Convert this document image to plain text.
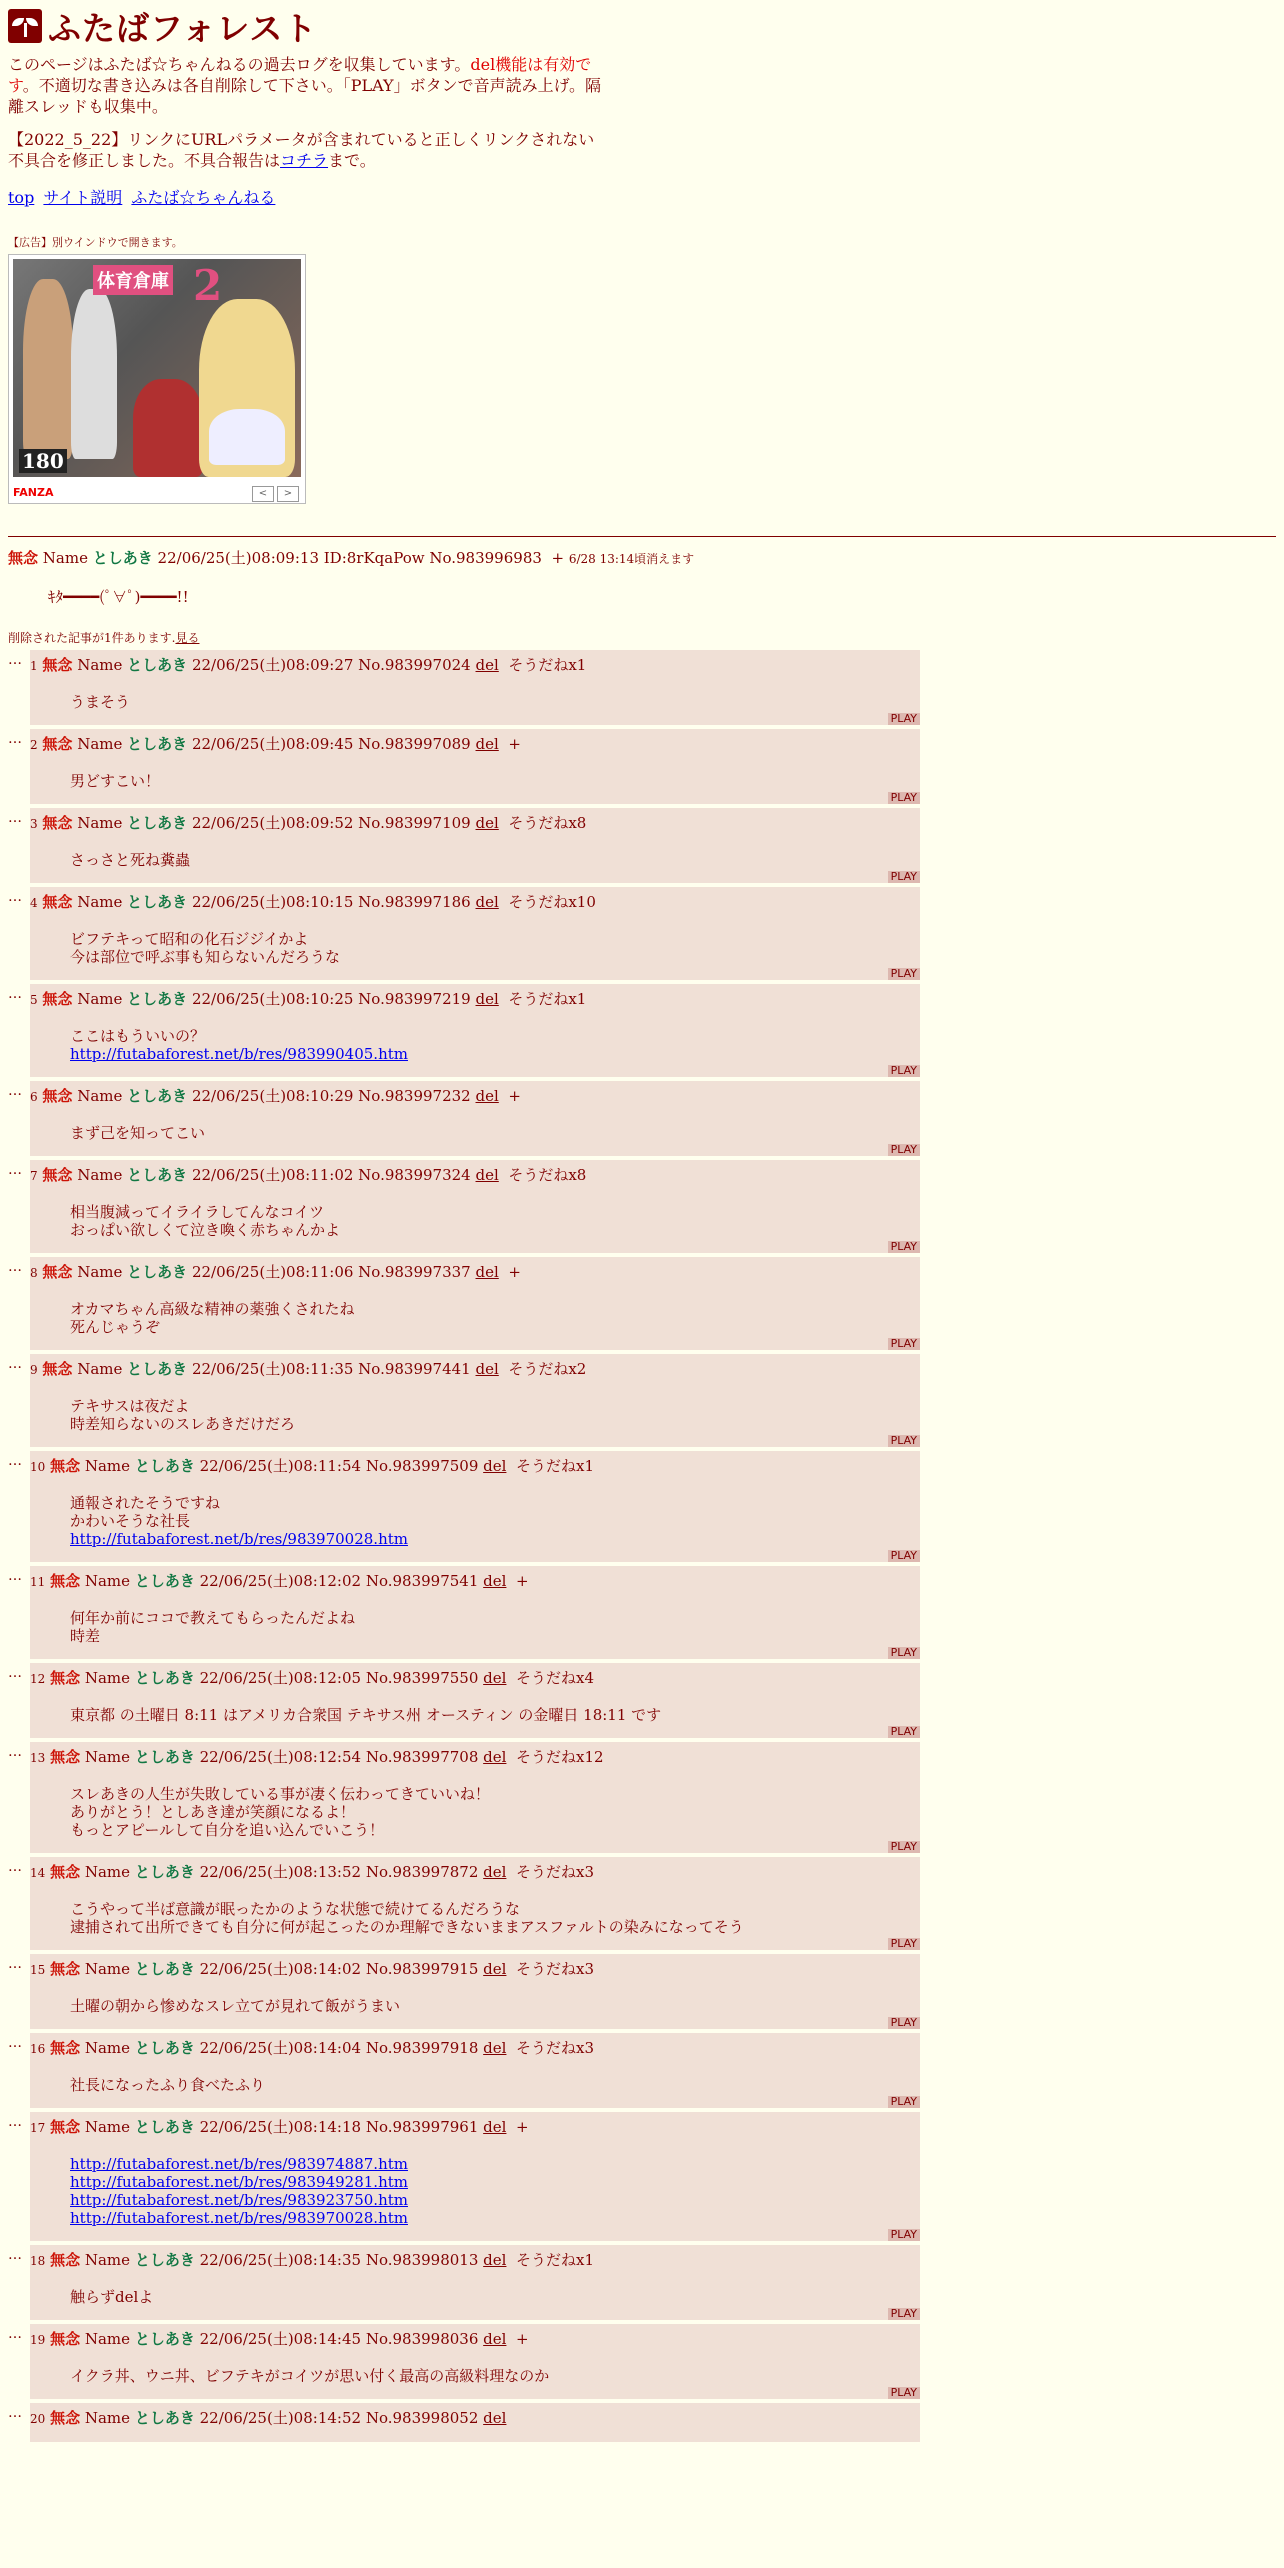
ふたばフォレスト
このページはふたば☆ちゃんねるの過去ログを収集しています。del機能は有効です。不適切な書き込みは各自削除して下さい。「PLAY」ボタンで音声読み上げ。隔離スレッドも収集中。
【2022_5_22】リンクにURLパラメータが含まれていると正しくリンクされない不具合を修正しました。不具合報告はコチラまで。
top サイト説明 ふたば☆ちゃんねる
【広告】別ウインドウで開きます。
体育倉庫 2
180
FANZA	< >
無念 Name としあき 22/06/25(土)08:09:13 ID:8rKqaPow No.983996983 + 6/28 13:14頃消えます
ｷﾀ━━━━(ﾟ∀ﾟ)━━━━!!
削除された記事が1件あります.見る
… 1 無念 Name としあき 22/06/25(土)08:09:27 No.983997024 del そうだねx1
うまそう
PLAY
… 2 無念 Name としあき 22/06/25(土)08:09:45 No.983997089 del +
男どすこい！
PLAY
… 3 無念 Name としあき 22/06/25(土)08:09:52 No.983997109 del そうだねx8
さっさと死ね糞蟲
PLAY
… 4 無念 Name としあき 22/06/25(土)08:10:15 No.983997186 del そうだねx10
ビフテキって昭和の化石ジジイかよ
今は部位で呼ぶ事も知らないんだろうな
PLAY
… 5 無念 Name としあき 22/06/25(土)08:10:25 No.983997219 del そうだねx1
ここはもういいの？
http://futabaforest.net/b/res/983990405.htm
PLAY
… 6 無念 Name としあき 22/06/25(土)08:10:29 No.983997232 del +
まず己を知ってこい
PLAY
… 7 無念 Name としあき 22/06/25(土)08:11:02 No.983997324 del そうだねx8
相当腹減ってイライラしてんなコイツ
おっぱい欲しくて泣き喚く赤ちゃんかよ
PLAY
… 8 無念 Name としあき 22/06/25(土)08:11:06 No.983997337 del +
オカマちゃん高級な精神の薬強くされたね
死んじゃうぞ
PLAY
… 9 無念 Name としあき 22/06/25(土)08:11:35 No.983997441 del そうだねx2
テキサスは夜だよ
時差知らないのスレあきだけだろ
PLAY
… 10 無念 Name としあき 22/06/25(土)08:11:54 No.983997509 del そうだねx1
通報されたそうですね
かわいそうな社長
http://futabaforest.net/b/res/983970028.htm
PLAY
… 11 無念 Name としあき 22/06/25(土)08:12:02 No.983997541 del +
何年か前にココで教えてもらったんだよね
時差
PLAY
… 12 無念 Name としあき 22/06/25(土)08:12:05 No.983997550 del そうだねx4
東京都 の土曜日 8:11 はアメリカ合衆国 テキサス州 オースティン の金曜日 18:11 です
PLAY
… 13 無念 Name としあき 22/06/25(土)08:12:54 No.983997708 del そうだねx12
スレあきの人生が失敗している事が凄く伝わってきていいね！
ありがとう！としあき達が笑顔になるよ！
もっとアピールして自分を追い込んでいこう！
PLAY
… 14 無念 Name としあき 22/06/25(土)08:13:52 No.983997872 del そうだねx3
こうやって半ば意識が眠ったかのような状態で続けてるんだろうな
逮捕されて出所できても自分に何が起こったのか理解できないままアスファルトの染みになってそう
PLAY
… 15 無念 Name としあき 22/06/25(土)08:14:02 No.983997915 del そうだねx3
土曜の朝から惨めなスレ立てが見れて飯がうまい
PLAY
… 16 無念 Name としあき 22/06/25(土)08:14:04 No.983997918 del そうだねx3
社長になったふり食べたふり
PLAY
… 17 無念 Name としあき 22/06/25(土)08:14:18 No.983997961 del +
http://futabaforest.net/b/res/983974887.htm
http://futabaforest.net/b/res/983949281.htm
http://futabaforest.net/b/res/983923750.htm
http://futabaforest.net/b/res/983970028.htm
PLAY
… 18 無念 Name としあき 22/06/25(土)08:14:35 No.983998013 del そうだねx1
触らずdelよ
PLAY
… 19 無念 Name としあき 22/06/25(土)08:14:45 No.983998036 del +
イクラ丼、ウニ丼、ビフテキがコイツが思い付く最高の高級料理なのか
PLAY
… 20 無念 Name としあき 22/06/25(土)08:14:52 No.983998052 del
